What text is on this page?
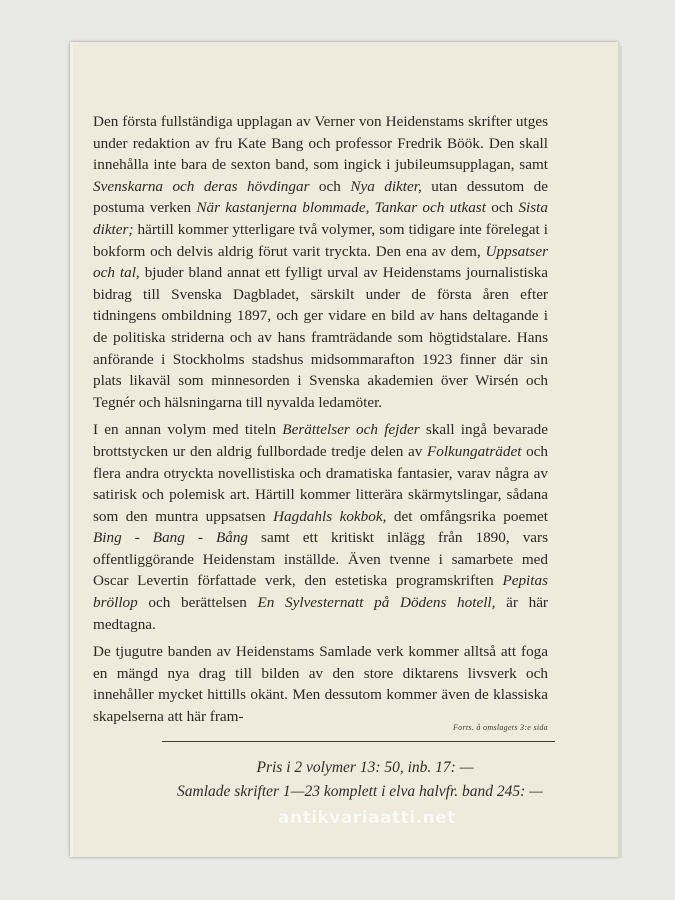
Den första fullständiga upplagan av Verner von Heidenstams skrifter utges under redaktion av fru Kate Bang och professor Fredrik Böök. Den skall innehålla inte bara de sexton band, som ingick i jubileumsupplagan, samt Svenskarna och deras hövdingar och Nya dikter, utan dessutom de postuma verken När kastanjerna blommade, Tankar och utkast och Sista dikter; härtill kommer ytterligare två volymer, som tidigare inte förelegat i bokform och delvis aldrig förut varit tryckta. Den ena av dem, Uppsatser och tal, bjuder bland annat ett fylligt urval av Heidenstams journalistiska bidrag till Svenska Dagbladet, särskilt under de första åren efter tidningens ombildning 1897, och ger vidare en bild av hans deltagande i de politiska striderna och av hans framträdande som högtidstalare. Hans anförande i Stockholms stadshus midsommarafton 1923 finner där sin plats likaväl som minnesorden i Svenska akademien över Wirsén och Tegnér och hälsningarna till nyvalda ledamöter.

I en annan volym med titeln Berättelser och fejder skall ingå bevarade brottstycken ur den aldrig fullbordade tredje delen av Folkungaträdet och flera andra otryckta novellistiska och dramatiska fantasier, varav några av satirisk och polemisk art. Härtill kommer litterära skärmytslingar, sådana som den muntra uppsatsen Hagdahls kokbok, det omfångsrika poemet Bing - Bang - Bång samt ett kritiskt inlägg från 1890, vars offentliggörande Heidenstam inställde. Även tvenne i samarbete med Oscar Levertin författade verk, den estetiska programskriften Pepitas bröllop och berättelsen En Sylvesternatt på Dödens hotell, är här medtagna.

De tjugutre banden av Heidenstams Samlade verk kommer alltså att foga en mängd nya drag till bilden av den store diktarens livsverk och innehåller mycket hittills okänt. Men dessutom kommer även de klassiska skapelserna att här fram-

Forts. å omslagets 3:e sida
Pris i 2 volymer 13: 50, inb. 17: —
Samlade skrifter 1—23 komplett i elva halvfr. band 245: —
antikvariaatti.net
